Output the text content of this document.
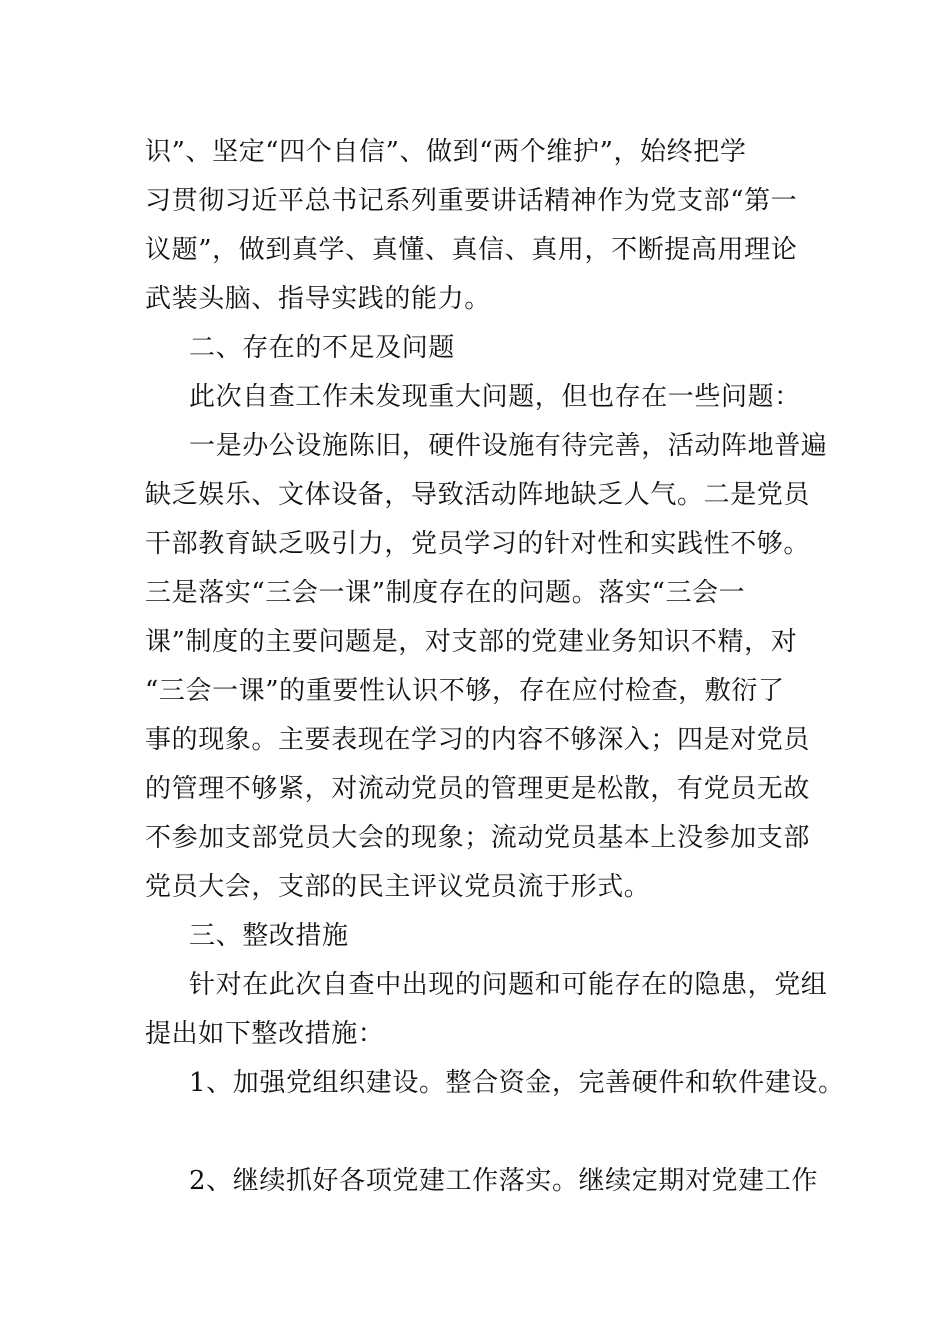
识”、坚定“四个自信”、做到“两个维护”，始终把学
习贯彻习近平总书记系列重要讲话精神作为党支部“第一
议题”，做到真学、真懂、真信、真用，不断提高用理论
武装头脑、指导实践的能力。
二、存在的不足及问题
此次自查工作未发现重大问题，但也存在一些问题：
一是办公设施陈旧，硬件设施有待完善，活动阵地普遍
缺乏娱乐、文体设备，导致活动阵地缺乏人气。二是党员
干部教育缺乏吸引力，党员学习的针对性和实践性不够。
三是落实“三会一课”制度存在的问题。落实“三会一
课”制度的主要问题是，对支部的党建业务知识不精，对
“三会一课”的重要性认识不够，存在应付检查，敷衍了
事的现象。主要表现在学习的内容不够深入；四是对党员
的管理不够紧，对流动党员的管理更是松散，有党员无故
不参加支部党员大会的现象；流动党员基本上没参加支部
党员大会，支部的民主评议党员流于形式。
三、整改措施
针对在此次自查中出现的问题和可能存在的隐患，党组
提出如下整改措施：
1、加强党组织建设。整合资金，完善硬件和软件建设。
2、继续抓好各项党建工作落实。继续定期对党建工作
